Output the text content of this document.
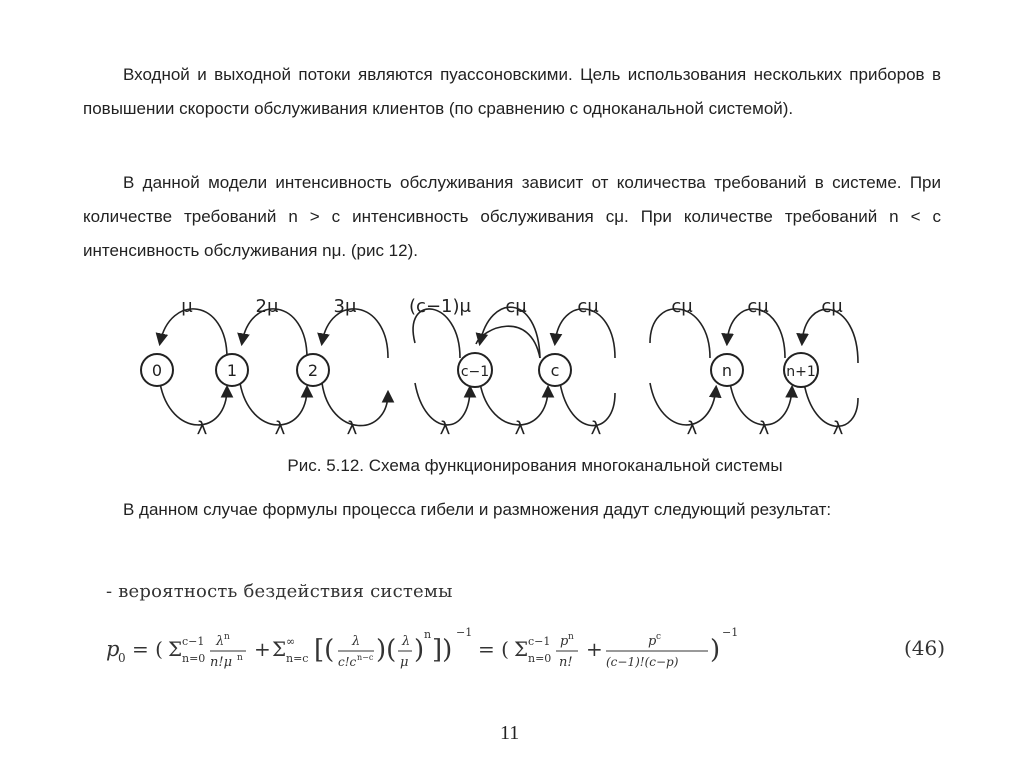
Входной и выходной потоки являются пуассоновскими. Цель использования нескольких приборов в повышении скорости обслуживания клиентов (по сравнению с одноканальной системой).
В данной модели интенсивность обслуживания зависит от количества требований в системе. При количестве требований n > c интенсивность обслуживания cμ. При количестве требований n < c интенсивность обслуживания nμ. (рис 12).
0	1	2	c−1	c	n	n+1
μ	2μ	3μ	(c−1)μ cμ	cμ	cμ	cμ	cμ
λ	λ	λ	λ	λ	λ	λ	λ	λ
Рис. 5.12. Схема функционирования многоканальной системы
В данном случае формулы процесса гибели и размножения дадут следующий результат:
- вероятность бездействия системы
p
0 = ( Σ c−1
n=0
λ n
n!μ n + Σ ∞
n=c [( λ
c!c n−c )( λ
μ )
n
])
−1
= ( Σ c−1
n=0
p n
n!
+	p c
(c−1)!(c−p) )
−1
(46)
11
